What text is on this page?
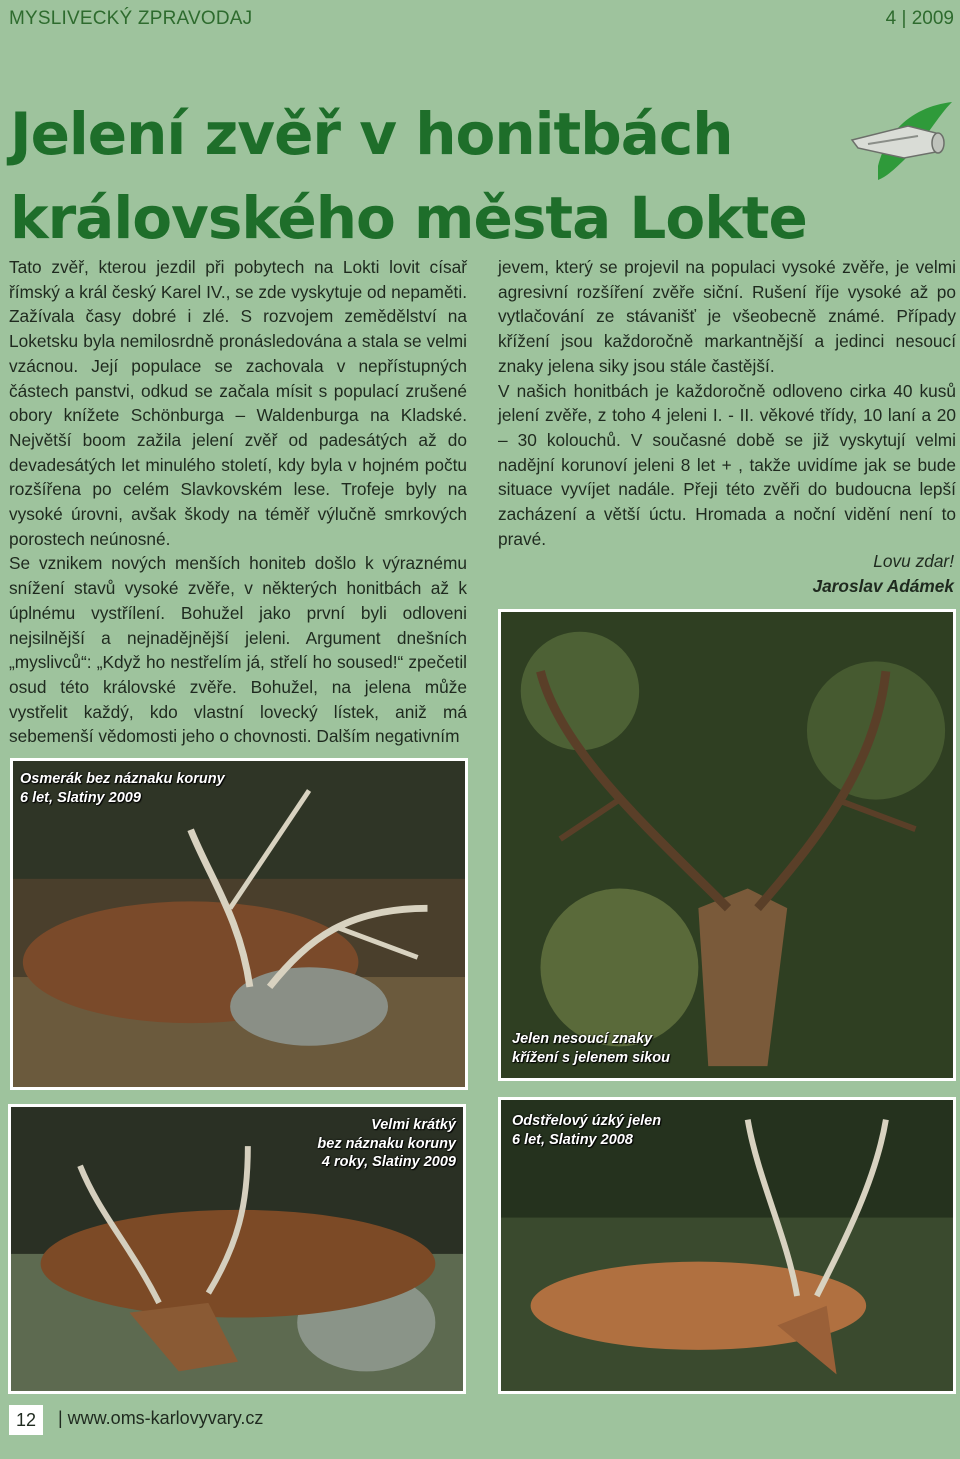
MYSLIVECKÝ ZPRAVODAJ	4 | 2009
Jelení zvěř v honitbách
královského města Lokte

Tato zvěř, kterou jezdil při pobytech na Lokti lovit císař římský a král český Karel IV., se zde vyskytuje od nepaměti. Zažívala časy dobré i zlé. S rozvojem zemědělství na Loketsku byla nemilosrdně pronásledována a stala se velmi vzácnou. Její populace se zachovala v nepřístupných částech panstvi, odkud se začala mísit s populací zrušené obory knížete Schönburga – Waldenburga na Kladské. Největší boom zažila jelení zvěř od padesátých až do devadesátých let minulého století, kdy byla v hojném počtu rozšířena po celém Slavkovském lese. Trofeje byly na vysoké úrovni, avšak škody na téměř výlučně smrkových porostech neúnosné.

Se vznikem nových menších honiteb došlo k výraznému snížení stavů vysoké zvěře, v některých honitbách až k úplnému vystřílení. Bohužel jako první byli odloveni nejsilnější a nejnadějnější jeleni. Argument dnešních „myslivců“: „Když ho nestřelím já, střelí ho soused!“ zpečetil osud této královské zvěře. Bohužel, na jelena může vystřelit každý, kdo vlastní lovecký lístek, aniž má sebemenší vědomosti jeho o chovnosti. Dalším negativním

jevem, který se projevil na populaci vysoké zvěře, je velmi agresivní rozšíření zvěře siční. Rušení říje vysoké až po vytlačování ze stávanišť je všeobecně známé. Případy křížení jsou každoročně markantnější a jedinci nesoucí znaky jelena siky jsou stále častější.

V našich honitbách je každoročně odloveno cirka 40 kusů jelení zvěře, z toho 4 jeleni I. - II. věkové třídy, 10 laní a 20 – 30 kolouchů. V současné době se již vyskytují velmi nadějní korunoví jeleni 8 let + , takže uvidíme jak se bude situace vyvíjet nadále. Přeji této zvěři do budoucna lepší zacházení a větší úctu. Hromada a noční vidění není to pravé.

Lovu zdar!
Jaroslav Adámek
Osmerák bez náznaku koruny
6 let, Slatiny 2009
Jelen nesoucí znaky
křížení s jelenem sikou
Velmi krátký
bez náznaku koruny
4 roky, Slatiny 2009
Odstřelový úzký jelen
6 let, Slatiny 2008
12	| www.oms-karlovyvary.cz
